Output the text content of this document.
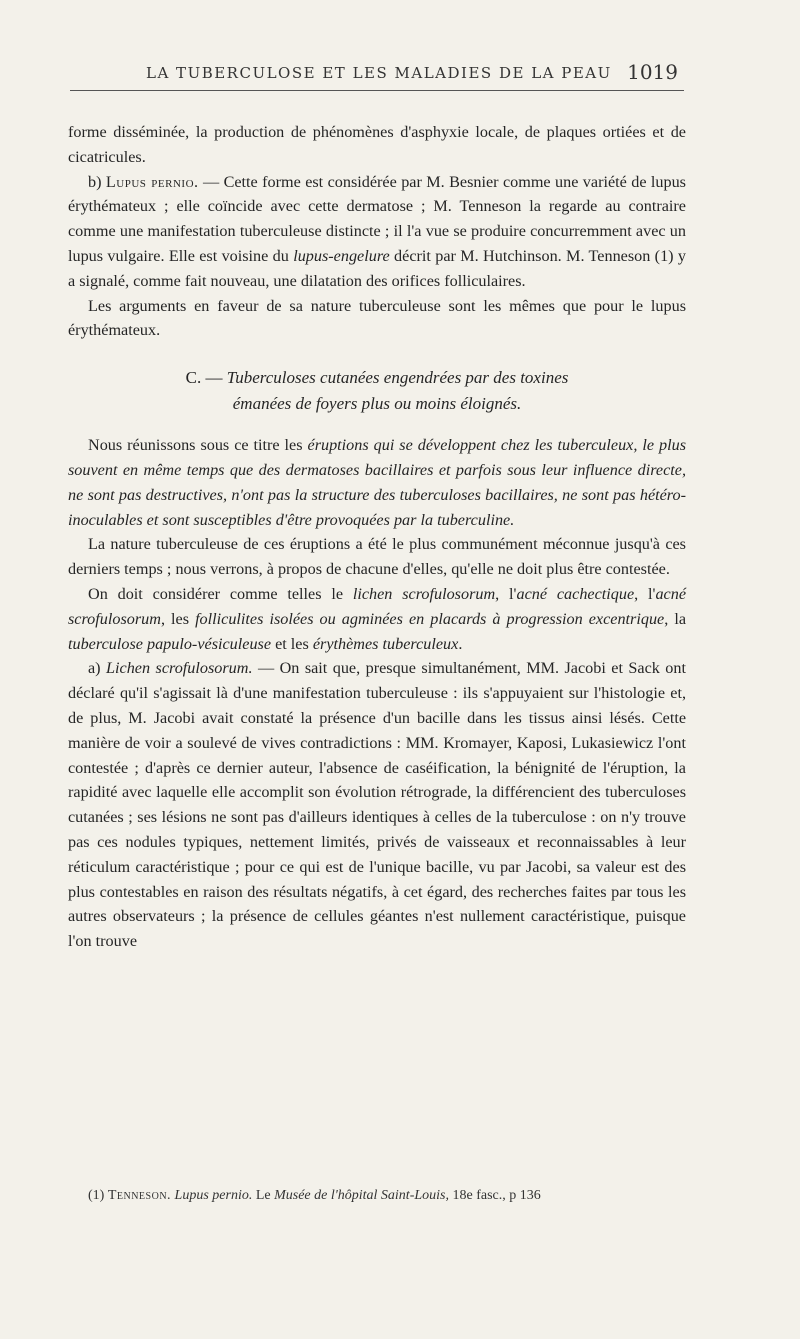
LA TUBERCULOSE ET LES MALADIES DE LA PEAU 1019

forme disséminée, la production de phénomènes d'asphyxie locale, de plaques ortiées et de cicatricules.

b) Lupus pernio. — Cette forme est considérée par M. Besnier comme une variété de lupus érythémateux ; elle coïncide avec cette dermatose ; M. Tenneson la regarde au contraire comme une manifestation tuberculeuse distincte ; il l'a vue se produire concurremment avec un lupus vulgaire. Elle est voisine du lupus-engelure décrit par M. Hutchinson. M. Tenneson (1) y a signalé, comme fait nouveau, une dilatation des orifices folliculaires.

Les arguments en faveur de sa nature tuberculeuse sont les mêmes que pour le lupus érythémateux.

C. — Tuberculoses cutanées engendrées par des toxines
émanées de foyers plus ou moins éloignés.

Nous réunissons sous ce titre les éruptions qui se développent chez les tuberculeux, le plus souvent en même temps que des dermatoses bacillaires et parfois sous leur influence directe, ne sont pas destructives, n'ont pas la structure des tuberculoses bacillaires, ne sont pas hétéro-inoculables et sont susceptibles d'être provoquées par la tuberculine.

La nature tuberculeuse de ces éruptions a été le plus communément méconnue jusqu'à ces derniers temps ; nous verrons, à propos de chacune d'elles, qu'elle ne doit plus être contestée.

On doit considérer comme telles le lichen scrofulosorum, l'acné cachectique, l'acné scrofulosorum, les folliculites isolées ou agminées en placards à progression excentrique, la tuberculose papulo-vésiculeuse et les érythèmes tuberculeux.

a) Lichen scrofulosorum. — On sait que, presque simultanément, MM. Jacobi et Sack ont déclaré qu'il s'agissait là d'une manifestation tuberculeuse : ils s'appuyaient sur l'histologie et, de plus, M. Jacobi avait constaté la présence d'un bacille dans les tissus ainsi lésés. Cette manière de voir a soulevé de vives contradictions : MM. Kromayer, Kaposi, Lukasiewicz l'ont contestée ; d'après ce dernier auteur, l'absence de caséification, la bénignité de l'éruption, la rapidité avec laquelle elle accomplit son évolution rétrograde, la différencient des tuberculoses cutanées ; ses lésions ne sont pas d'ailleurs identiques à celles de la tuberculose : on n'y trouve pas ces nodules typiques, nettement limités, privés de vaisseaux et reconnaissables à leur réticulum caractéristique ; pour ce qui est de l'unique bacille, vu par Jacobi, sa valeur est des plus contestables en raison des résultats négatifs, à cet égard, des recherches faites par tous les autres observateurs ; la présence de cellules géantes n'est nullement caractéristique, puisque l'on trouve

(1) Tenneson. Lupus pernio. Le Musée de l'hôpital Saint-Louis, 18e fasc., p 136
